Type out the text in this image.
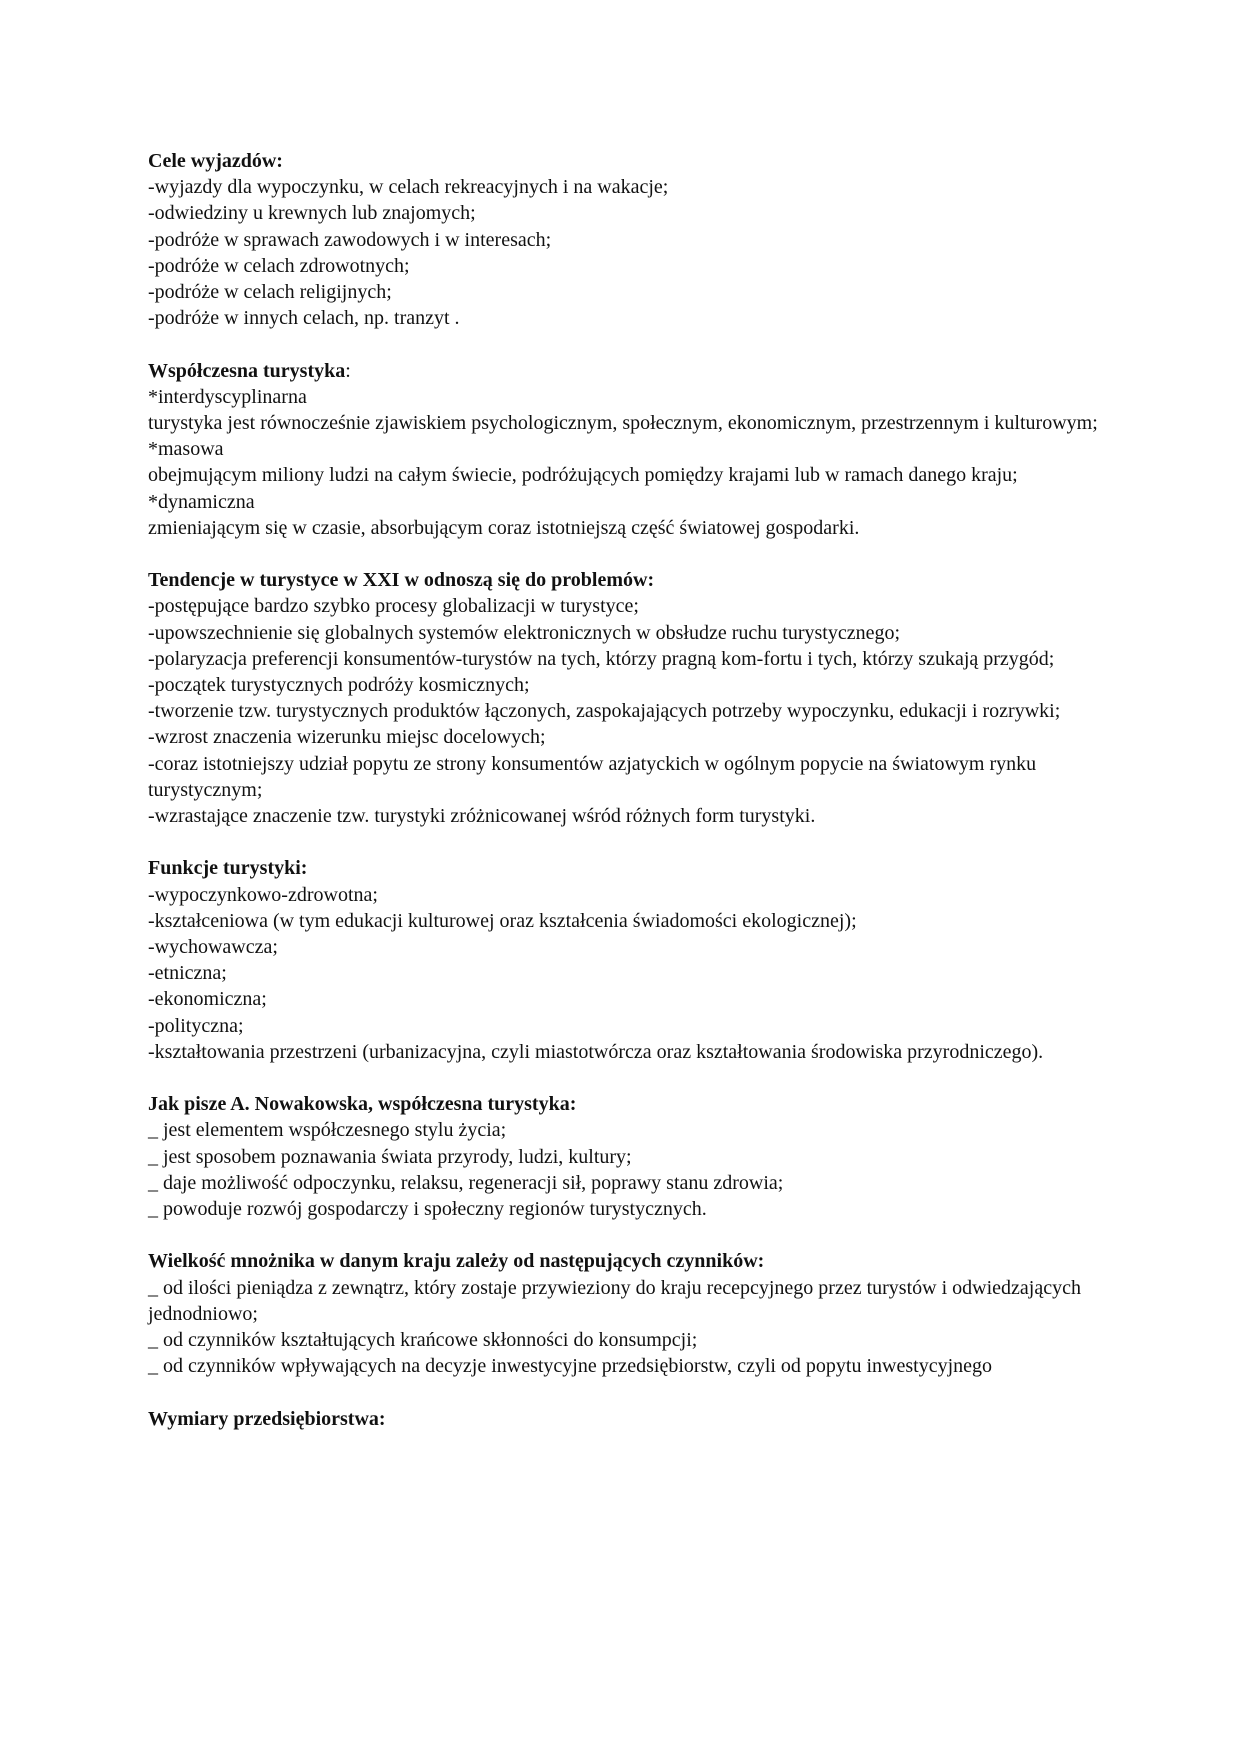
Cele wyjazdów:
-wyjazdy dla wypoczynku, w celach rekreacyjnych i na wakacje;
-odwiedziny u krewnych lub znajomych;
-podróże w sprawach zawodowych i w interesach;
-podróże w celach zdrowotnych;
-podróże w celach religijnych;
-podróże w innych celach, np. tranzyt .
Współczesna turystyka:
*interdyscyplinarna
turystyka jest równocześnie zjawiskiem psychologicznym, społecznym, ekonomicznym, przestrzennym i kulturowym;
*masowa
obejmującym miliony ludzi na całym świecie, podróżujących pomiędzy krajami lub w ramach danego kraju;
*dynamiczna
zmieniającym się w czasie, absorbującym coraz istotniejszą część światowej gospodarki.
Tendencje w turystyce w XXI w odnoszą się do problemów:
-postępujące bardzo szybko procesy globalizacji w turystyce;
-upowszechnienie się globalnych systemów elektronicznych w obsłudze ruchu turystycznego;
-polaryzacja preferencji konsumentów-turystów na tych, którzy pragną kom-fortu i tych, którzy szukają przygód;
-początek turystycznych podróży kosmicznych;
-tworzenie tzw. turystycznych produktów łączonych, zaspokajających potrzeby wypoczynku, edukacji i rozrywki;
-wzrost znaczenia wizerunku miejsc docelowych;
-coraz istotniejszy udział popytu ze strony konsumentów azjatyckich w ogólnym popycie na światowym rynku turystycznym;
-wzrastające znaczenie tzw. turystyki zróżnicowanej wśród różnych form turystyki.
Funkcje turystyki:
-wypoczynkowo-zdrowotna;
-kształceniowa (w tym edukacji kulturowej oraz kształcenia świadomości ekologicznej);
-wychowawcza;
-etniczna;
-ekonomiczna;
-polityczna;
-kształtowania przestrzeni (urbanizacyjna, czyli miastotwórcza oraz kształtowania środowiska przyrodniczego).
Jak pisze A. Nowakowska, współczesna turystyka:
_ jest elementem współczesnego stylu życia;
_ jest sposobem poznawania świata przyrody, ludzi, kultury;
_ daje możliwość odpoczynku, relaksu, regeneracji sił, poprawy stanu zdrowia;
_ powoduje rozwój gospodarczy i społeczny regionów turystycznych.
Wielkość mnożnika w danym kraju zależy od następujących czynników:
_ od ilości pieniądza z zewnątrz, który zostaje przywieziony do kraju recepcyjnego przez turystów i odwiedzających jednodniowo;
_ od czynników kształtujących krańcowe skłonności do konsumpcji;
_ od czynników wpływających na decyzje inwestycyjne przedsiębiorstw, czyli od popytu inwestycyjnego
Wymiary przedsiębiorstwa:
